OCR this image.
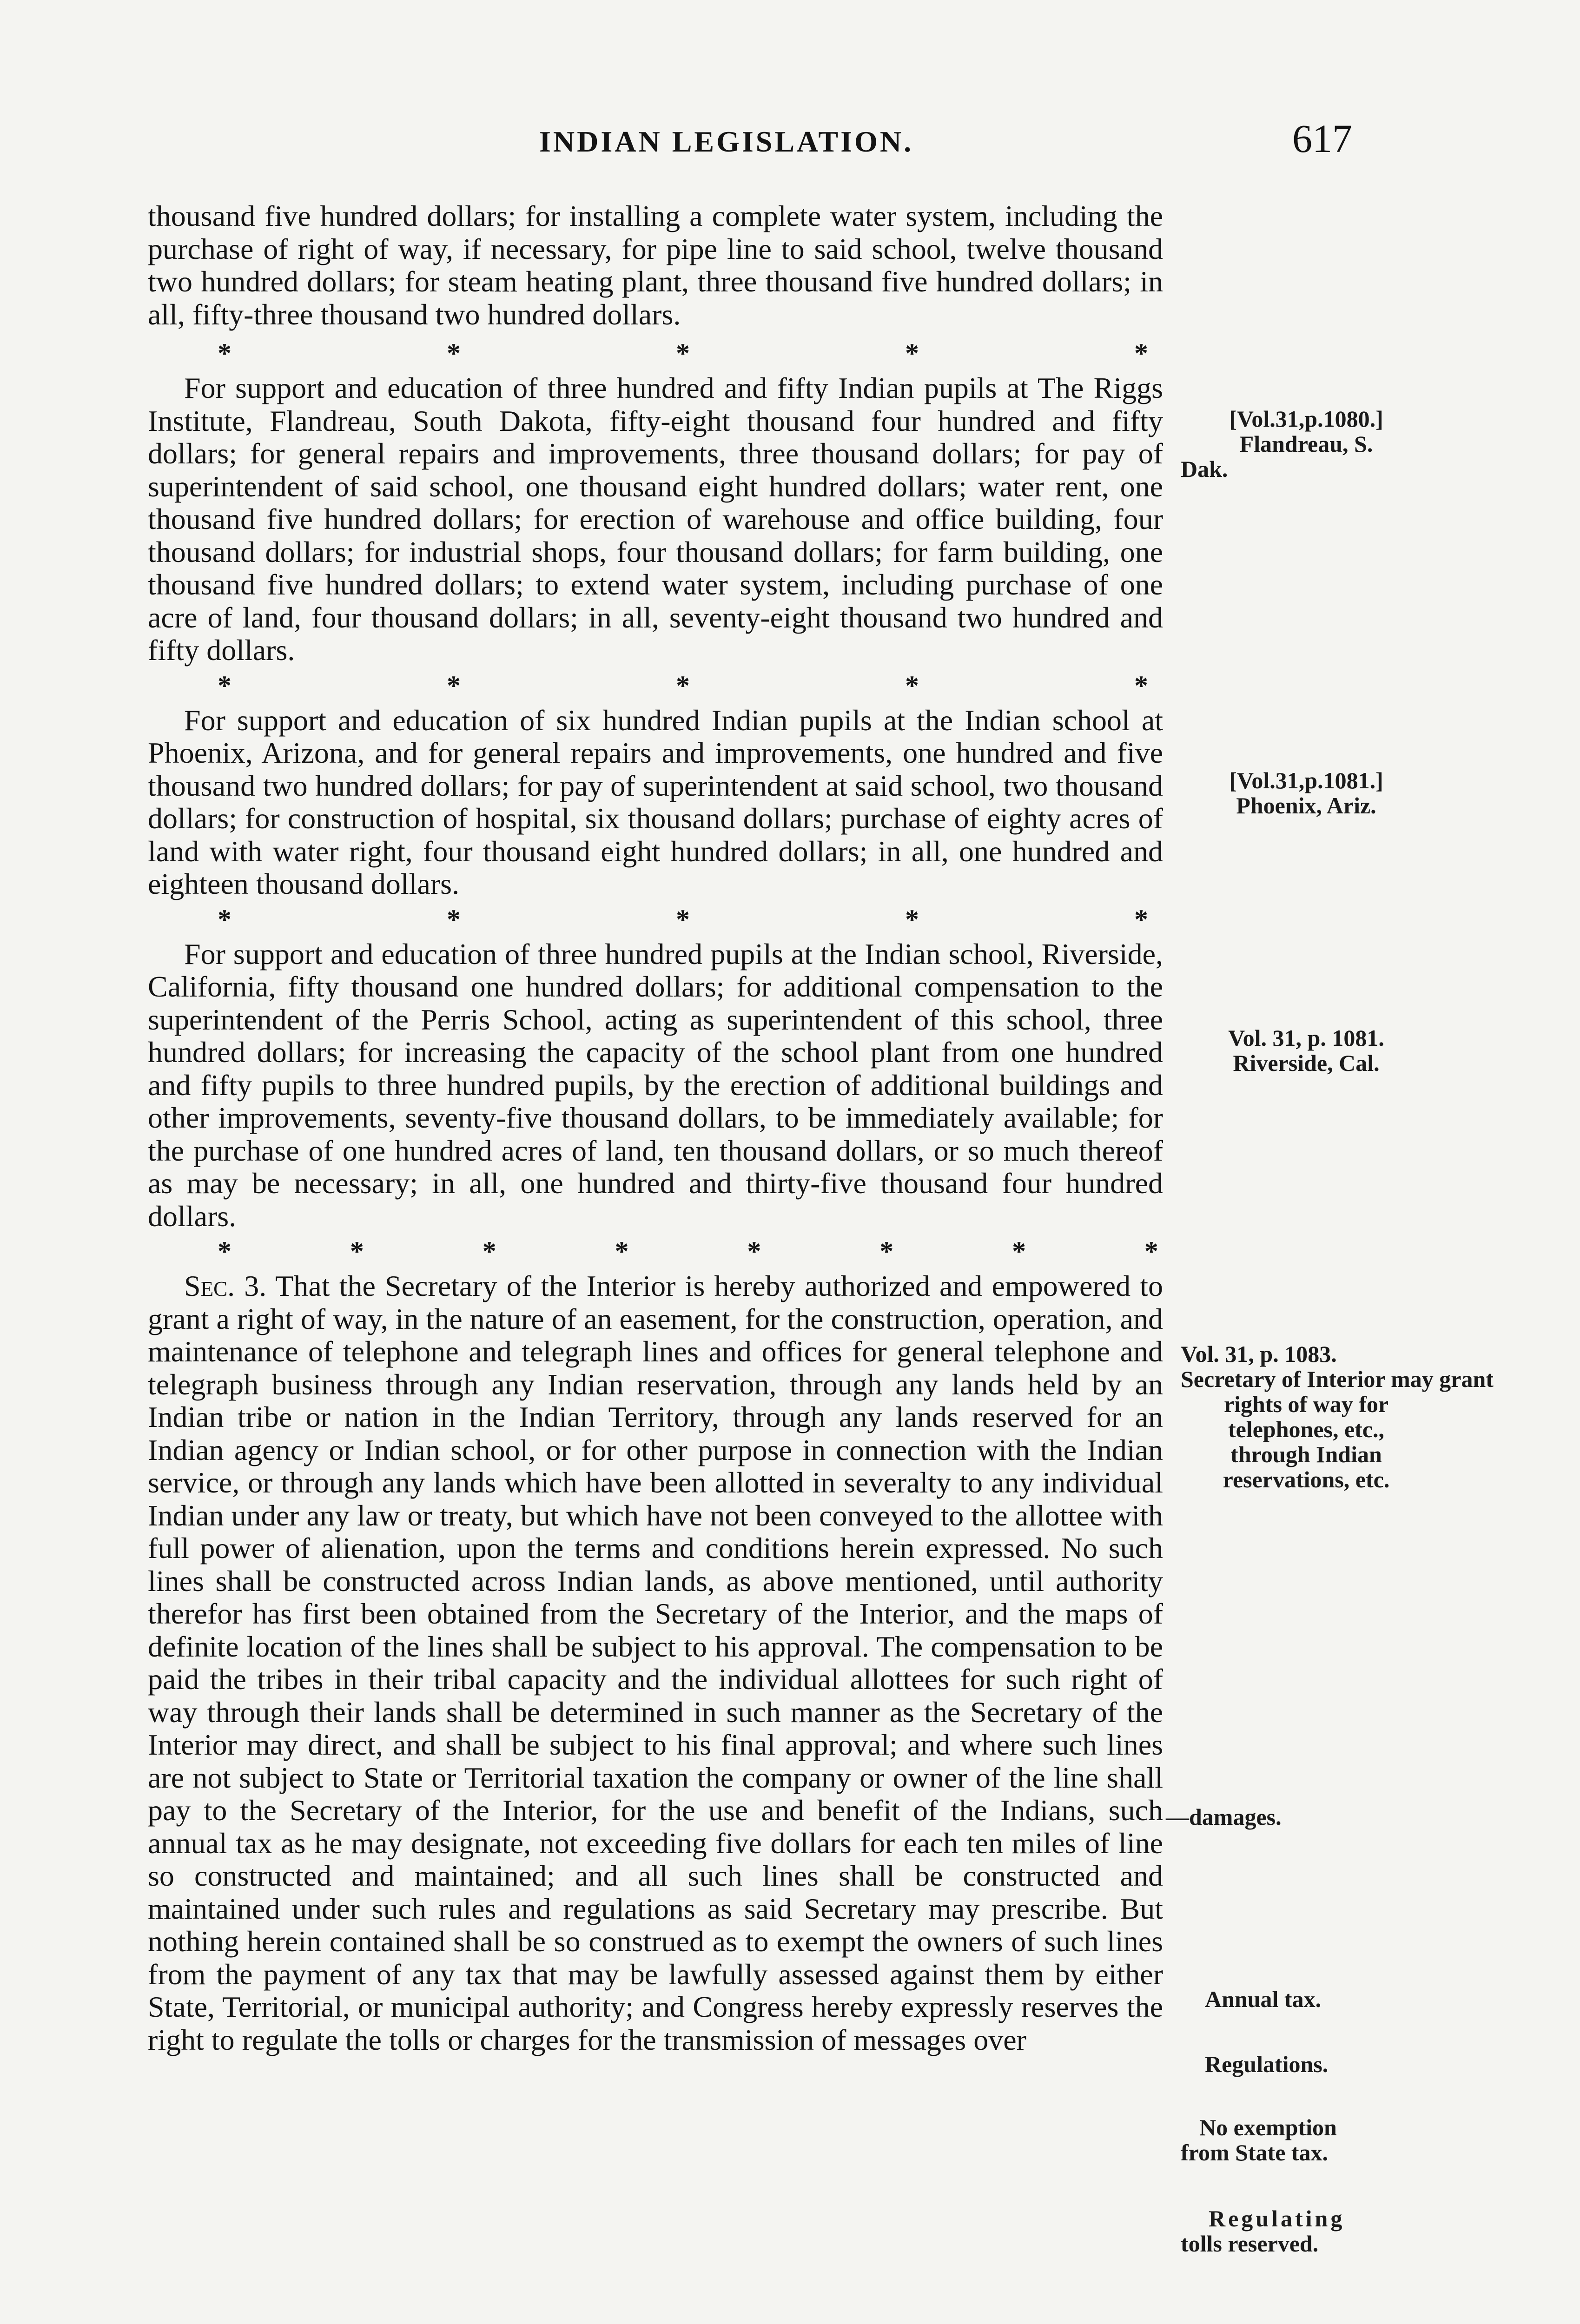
INDIAN LEGISLATION.	617

thousand five hundred dollars; for installing a complete water system, including the purchase of right of way, if necessary, for pipe line to said school, twelve thousand two hundred dollars; for steam heating plant, three thousand five hundred dollars; in all, fifty-three thousand two hundred dollars.

*	*	*	*	*

For support and education of three hundred and fifty Indian pupils at The Riggs Institute, Flandreau, South Dakota, fifty-eight thousand four hundred and fifty dollars; for general repairs and improvements, three thousand dollars; for pay of superintendent of said school, one thousand eight hundred dollars; water rent, one thousand five hundred dollars; for erection of warehouse and office building, four thousand dollars; for industrial shops, four thousand dollars; for farm building, one thousand five hundred dollars; to extend water system, including purchase of one acre of land, four thousand dollars; in all, seventy-eight thousand two hundred and fifty dollars.

*	*	*	*	*

For support and education of six hundred Indian pupils at the Indian school at Phoenix, Arizona, and for general repairs and improvements, one hundred and five thousand two hundred dollars; for pay of superintendent at said school, two thousand dollars; for construction of hospital, six thousand dollars; purchase of eighty acres of land with water right, four thousand eight hundred dollars; in all, one hundred and eighteen thousand dollars.

*	*	*	*	*

For support and education of three hundred pupils at the Indian school, Riverside, California, fifty thousand one hundred dollars; for additional compensation to the superintendent of the Perris School, acting as superintendent of this school, three hundred dollars; for increasing the capacity of the school plant from one hundred and fifty pupils to three hundred pupils, by the erection of additional buildings and other improvements, seventy-five thousand dollars, to be immediately available; for the purchase of one hundred acres of land, ten thousand dollars, or so much thereof as may be necessary; in all, one hundred and thirty-five thousand four hundred dollars.

*	*	*	*	*	*	*	*

Sec. 3. That the Secretary of the Interior is hereby authorized and empowered to grant a right of way, in the nature of an easement, for the construction, operation, and maintenance of telephone and telegraph lines and offices for general telephone and telegraph business through any Indian reservation, through any lands held by an Indian tribe or nation in the Indian Territory, through any lands reserved for an Indian agency or Indian school, or for other purpose in connection with the Indian service, or through any lands which have been allotted in severalty to any individual Indian under any law or treaty, but which have not been conveyed to the allottee with full power of alienation, upon the terms and conditions herein expressed. No such lines shall be constructed across Indian lands, as above mentioned, until authority therefor has first been obtained from the Secretary of the Interior, and the maps of definite location of the lines shall be subject to his approval. The compensation to be paid the tribes in their tribal capacity and the individual allottees for such right of way through their lands shall be determined in such manner as the Secretary of the Interior may direct, and shall be subject to his final approval; and where such lines are not subject to State or Territorial taxation the company or owner of the line shall pay to the Secretary of the Interior, for the use and benefit of the Indians, such annual tax as he may designate, not exceeding five dollars for each ten miles of line so constructed and maintained; and all such lines shall be constructed and maintained under such rules and regulations as said Secretary may prescribe. But nothing herein contained shall be so construed as to exempt the owners of such lines from the payment of any tax that may be lawfully assessed against them by either State, Territorial, or municipal authority; and Congress hereby expressly reserves the right to regulate the tolls or charges for the transmission of messages over

[Vol.31,p.1080.]
Flandreau, S.
Dak.
[Vol.31,p.1081.]
Phoenix, Ariz.
Vol. 31, p. 1081.
Riverside, Cal.
Vol. 31, p. 1083.
Secretary of Interior may grant
rights of way for
telephones, etc.,
through Indian
reservations, etc.
—damages.
Annual tax.
Regulations.
No exemption
from State tax.
Regulating
tolls reserved.
